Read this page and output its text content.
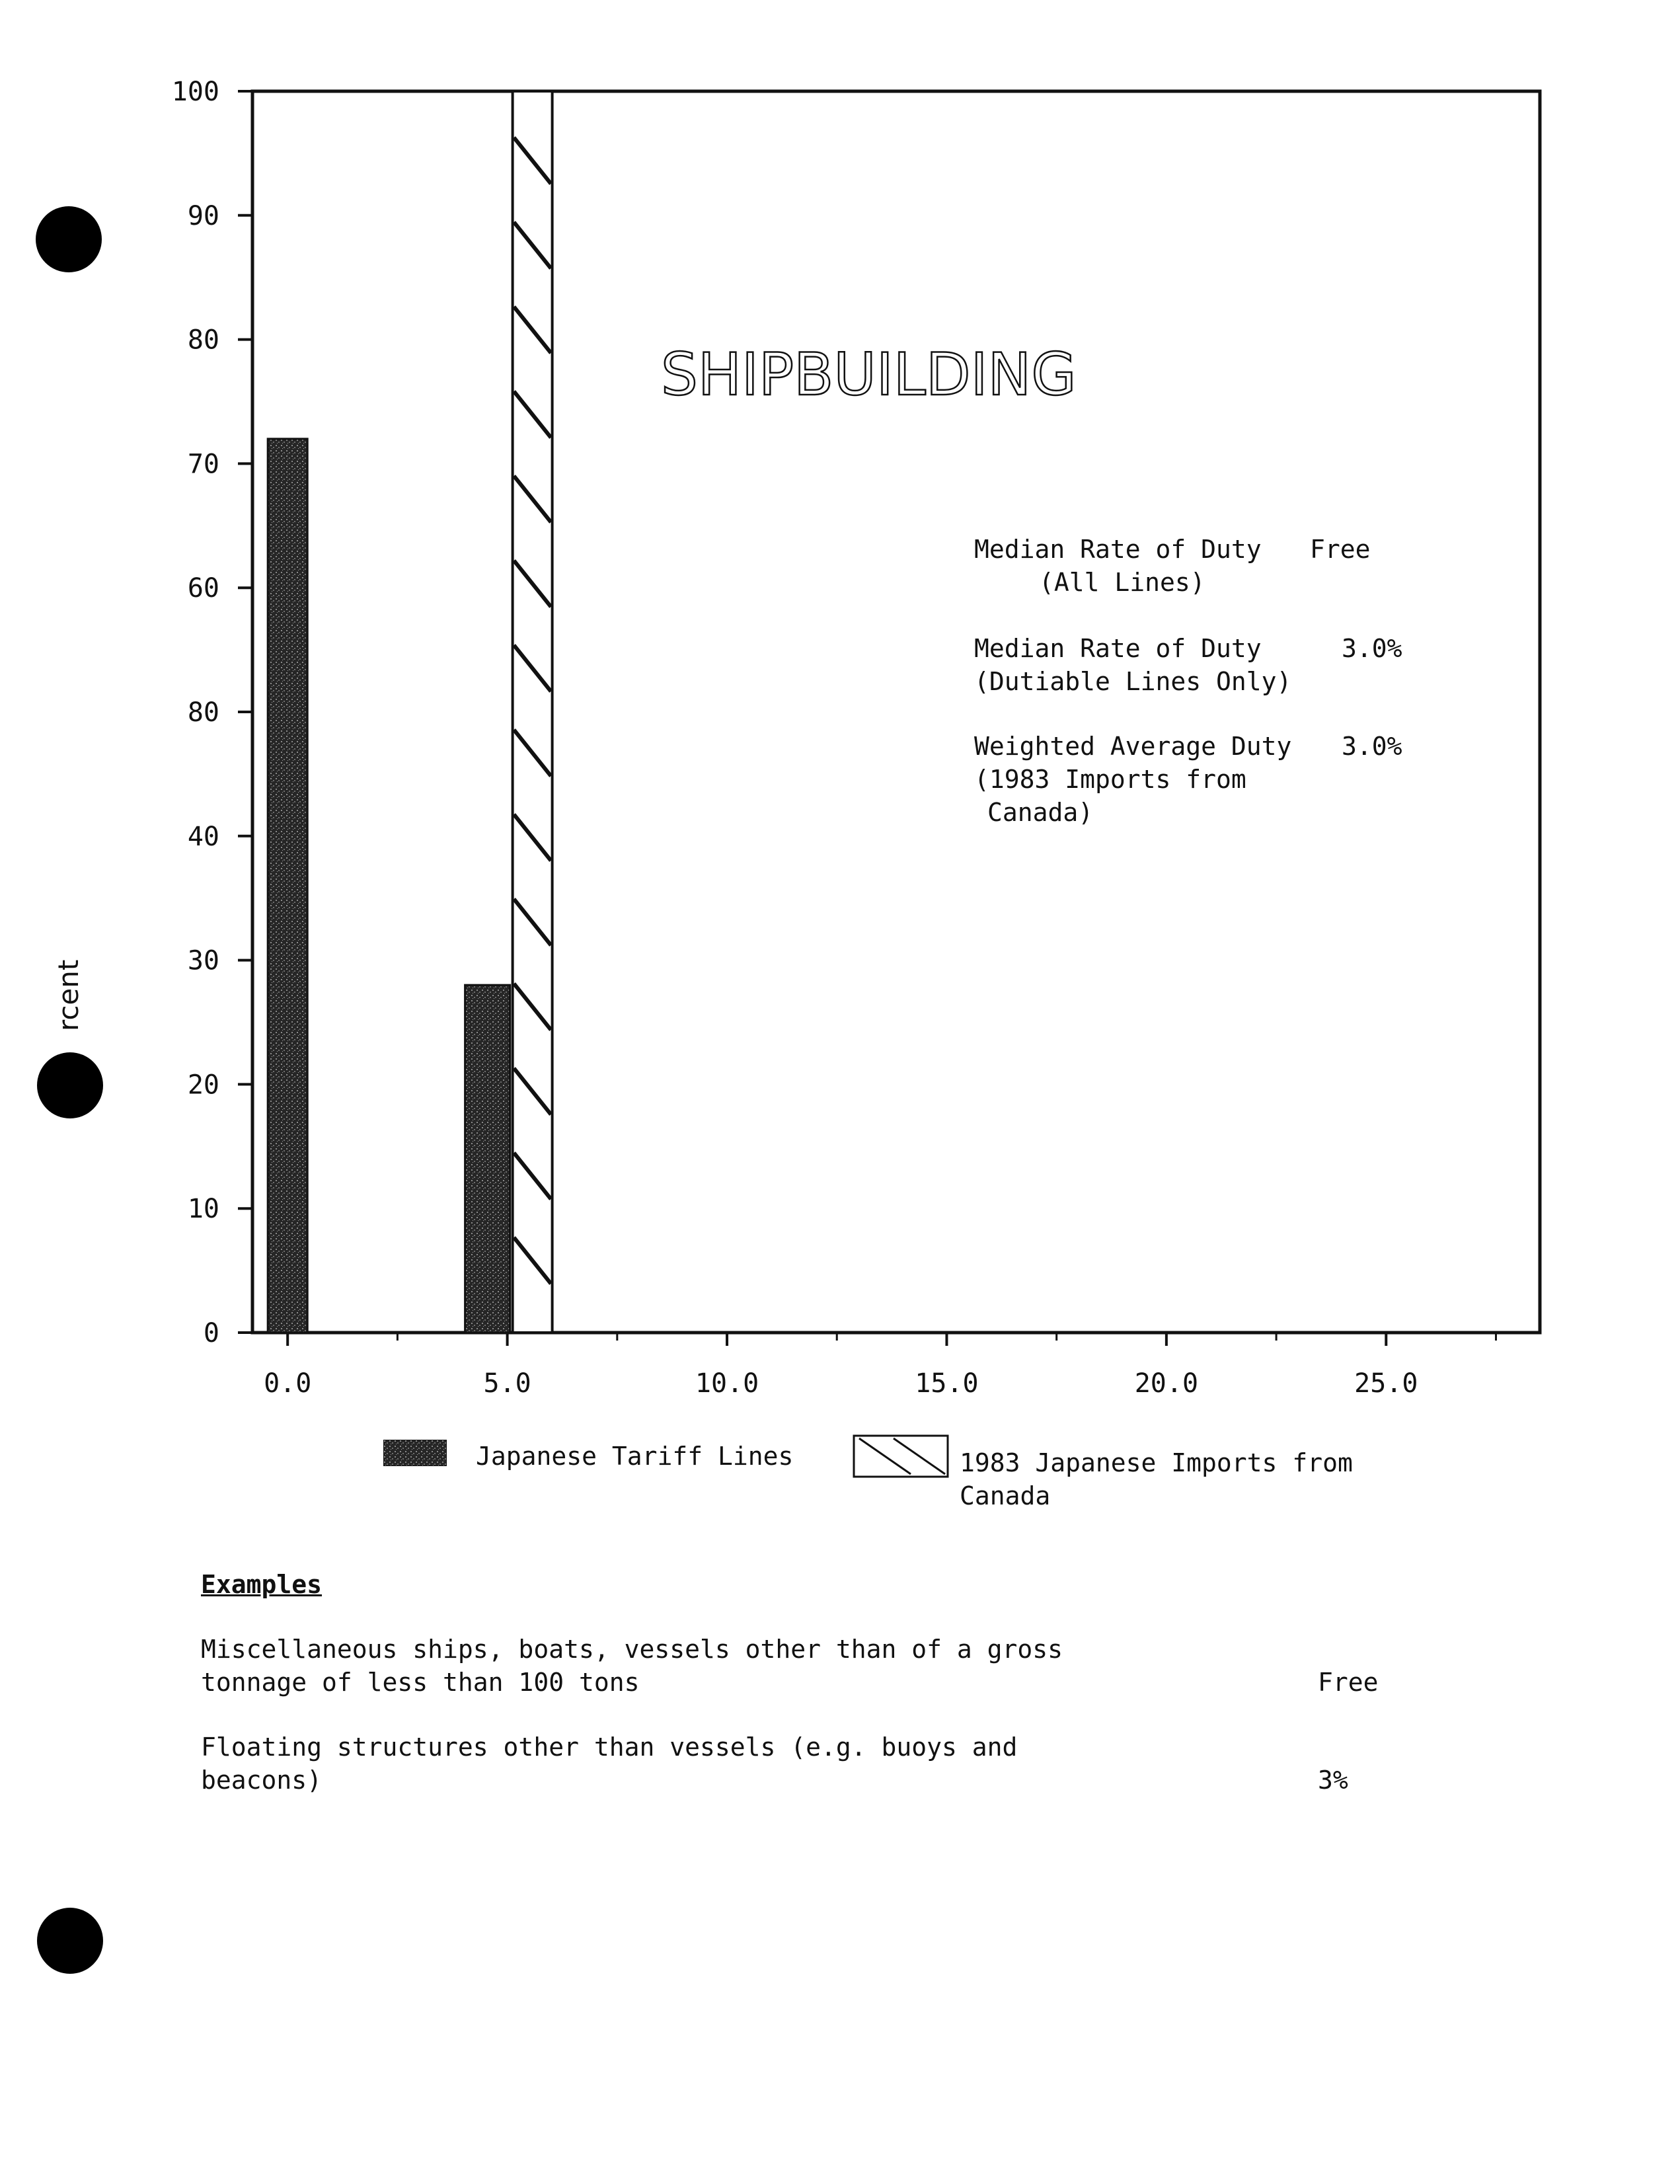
0
10
20
30
40
80
60
70
80
90
100
0.0	5.0	10.0	15.0	20.0	25.0
SHIPBUILDING
rcent
Median Rate of Duty Free
(All Lines)
Median Rate of Duty	3.0%
(Dutiable Lines Only)
Weighted Average Duty 3.0%
(1983 Imports from
Canada)
Japanese Tariff Lines	1983 Japanese Imports from
Canada
Examples
Miscellaneous ships, boats, vessels other than of a gross tonnage of less than 100 tons	Free
Floating structures other than vessels (e.g. buoys and beacons)	3%
